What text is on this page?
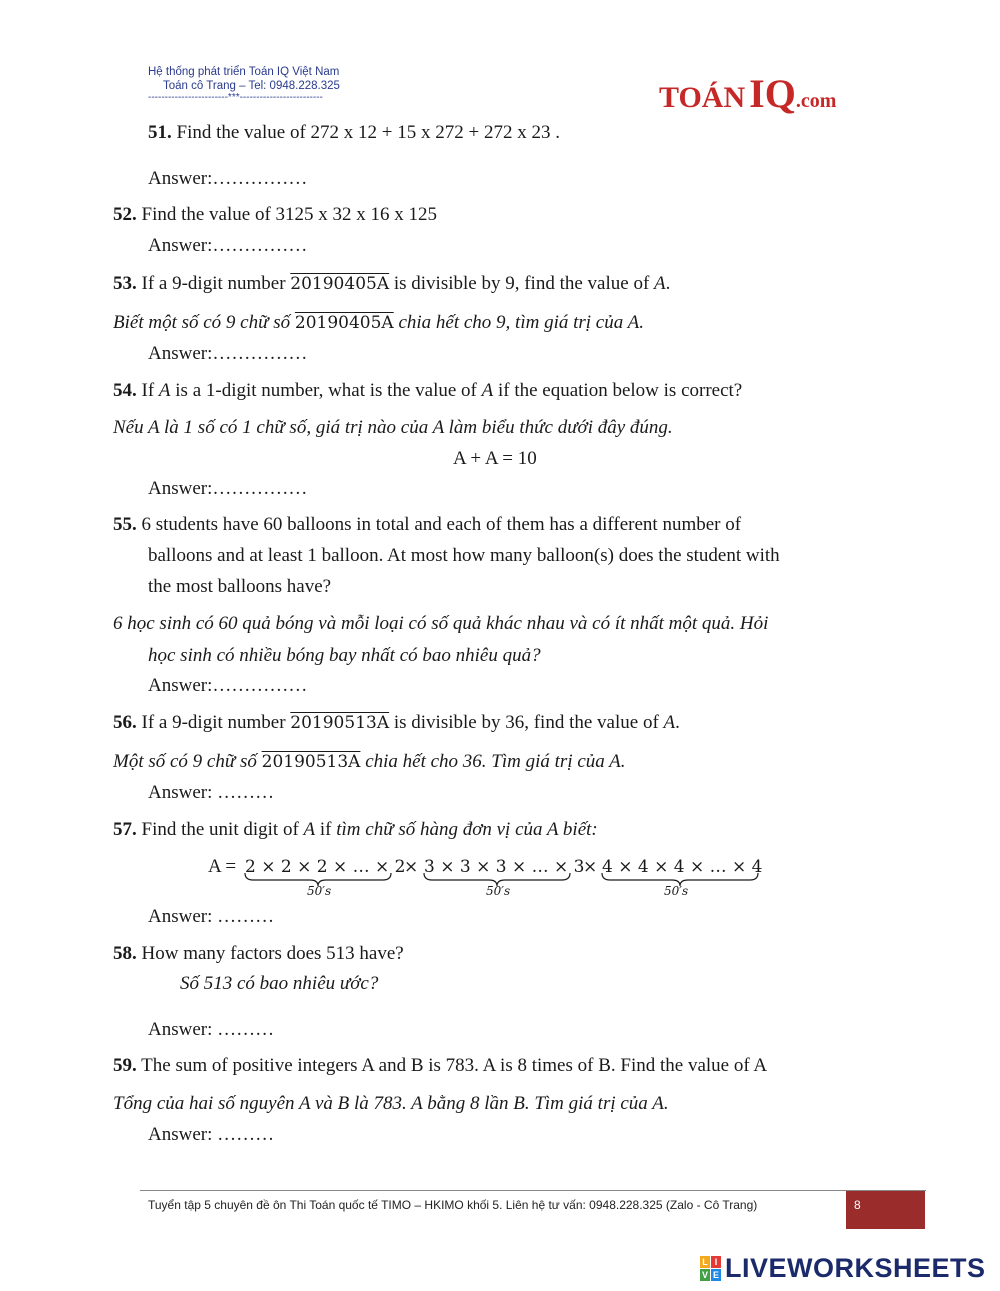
Hệ thống phát triển Toán IQ Việt Nam
Toán cô Trang – Tel: 0948.228.325
------------------------***-------------------------	TOÁN IQ.com
51. Find the value of 272 x 12 + 15 x 272 + 272 x 23 .
Answer:……………
52. Find the value of 3125 x 32 x 16 x 125
Answer:……………
53. If a 9-digit number 20190405A is divisible by 9, find the value of A.
Biết một số có 9 chữ số 20190405A chia hết cho 9, tìm giá trị của A.
Answer:……………
54. If A is a 1-digit number, what is the value of A if the equation below is correct?
Nếu A là 1 số có 1 chữ số, giá trị nào của A làm biểu thức dưới đây đúng.
A + A = 10
Answer:……………
55. 6 students have 60 balloons in total and each of them has a different number of
balloons and at least 1 balloon. At most how many balloon(s) does the student with
the most balloons have?
6 học sinh có 60 quả bóng và mỗi loại có số quả khác nhau và có ít nhất một quả. Hỏi
học sinh có nhiều bóng bay nhất có bao nhiêu quả?
Answer:……………
56. If a 9-digit number 20190513A is divisible by 36, find the value of A.
Một số có 9 chữ số 20190513A chia hết cho 36. Tìm giá trị của A.
Answer: ………
57. Find the unit digit of A if tìm chữ số hàng đơn vị của A biết:
A = 2 × 2 × 2 × … × 2
× 3 × 3 × 3 × … × 3
× 4 × 4 × 4 × … × 4
50′s	50′s	50′s
Answer: ………
58. How many factors does 513 have?
Số 513 có bao nhiêu ước?
Answer: ………
59. The sum of positive integers A and B is 783. A is 8 times of B. Find the value of A
Tổng của hai số nguyên A và B là 783. A bằng 8 lần B. Tìm giá trị của A.
Answer: ………
Tuyển tập 5 chuyên đề ôn Thi Toán quốc tế TIMO – HKIMO khối 5. Liên hệ tư vấn: 0948.228.325 (Zalo - Cô Trang)	8
L I
V E LIVEWORKSHEETS
